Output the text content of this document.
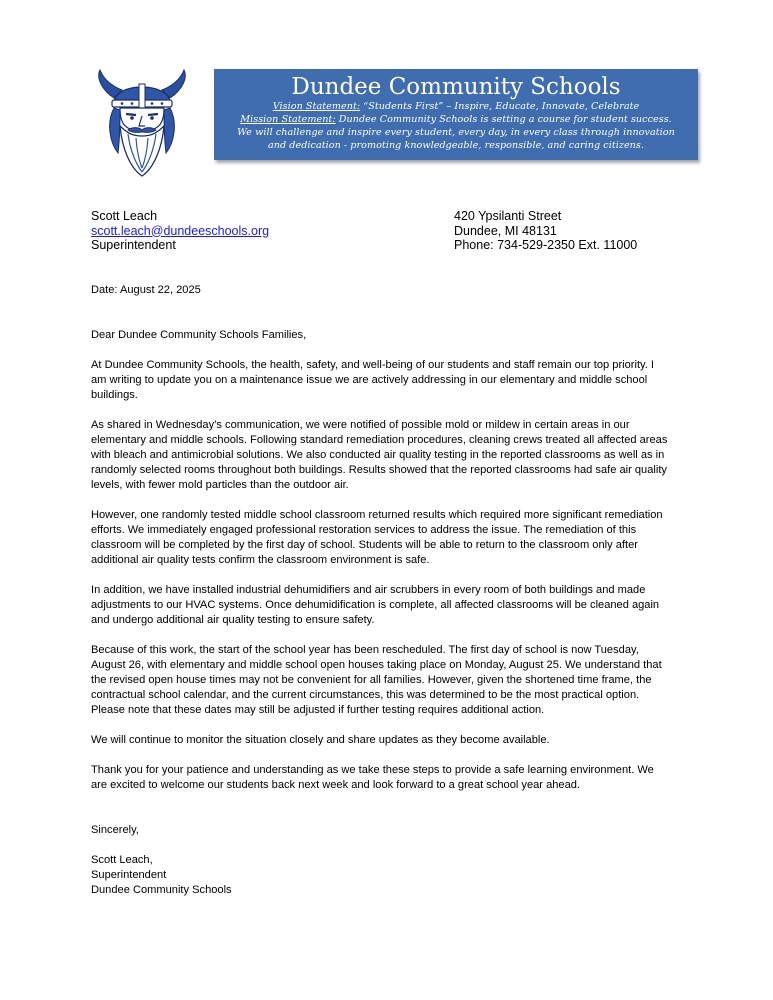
Dundee Community Schools
Vision Statement: “Students First” – Inspire, Educate, Innovate, Celebrate
Mission Statement: Dundee Community Schools is setting a course for student success.
We will challenge and inspire every student, every day, in every class through innovation
and dedication - promoting knowledgeable, responsible, and caring citizens.
Scott Leach
scott.leach@dundeeschools.org
Superintendent
420 Ypsilanti Street
Dundee, MI 48131
Phone: 734-529-2350 Ext. 11000

Date: August 22, 2025

Dear Dundee Community Schools Families,

At Dundee Community Schools, the health, safety, and well-being of our students and staff remain our top priority. I
am writing to update you on a maintenance issue we are actively addressing in our elementary and middle school
buildings.

As shared in Wednesday’s communication, we were notified of possible mold or mildew in certain areas in our
elementary and middle schools. Following standard remediation procedures, cleaning crews treated all affected areas
with bleach and antimicrobial solutions. We also conducted air quality testing in the reported classrooms as well as in
randomly selected rooms throughout both buildings. Results showed that the reported classrooms had safe air quality
levels, with fewer mold particles than the outdoor air.

However, one randomly tested middle school classroom returned results which required more significant remediation
efforts. We immediately engaged professional restoration services to address the issue. The remediation of this
classroom will be completed by the first day of school. Students will be able to return to the classroom only after
additional air quality tests confirm the classroom environment is safe.

In addition, we have installed industrial dehumidifiers and air scrubbers in every room of both buildings and made
adjustments to our HVAC systems. Once dehumidification is complete, all affected classrooms will be cleaned again
and undergo additional air quality testing to ensure safety.

Because of this work, the start of the school year has been rescheduled. The first day of school is now Tuesday,
August 26, with elementary and middle school open houses taking place on Monday, August 25. We understand that
the revised open house times may not be convenient for all families. However, given the shortened time frame, the
contractual school calendar, and the current circumstances, this was determined to be the most practical option.
Please note that these dates may still be adjusted if further testing requires additional action.

We will continue to monitor the situation closely and share updates as they become available.

Thank you for your patience and understanding as we take these steps to provide a safe learning environment. We
are excited to welcome our students back next week and look forward to a great school year ahead.

Sincerely,

Scott Leach,

Superintendent

Dundee Community Schools
